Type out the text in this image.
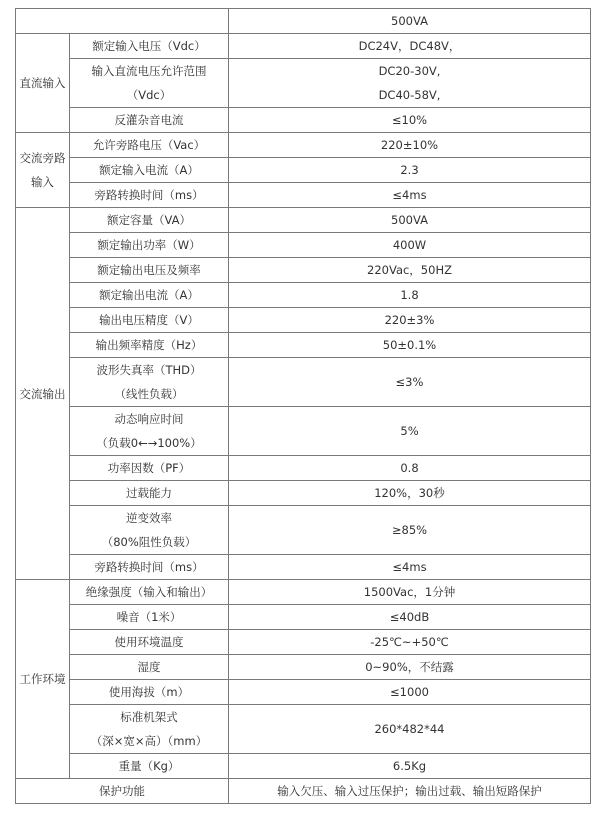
		500VA

直流输入	额定输入电压（Vdc）	DC24V，DC48V，

	输入直流电压允许范围
（Vdc）	DC20-30V,
DC40-58V,

	反灌杂音电流	≤10%

交流旁路
输入	允许旁路电压（Vac）	220±10%

	额定输入电流（A）	2.3

	旁路转换时间（ms）	≤4ms

交流输出	额定容量（VA）	500VA

	额定输出功率（W）	400W

	额定输出电压及频率	220Vac，50HZ

	额定输出电流（A）	1.8

	输出电压精度（V）	220±3%

	输出频率精度（Hz）	50±0.1%

	波形失真率（THD）
（线性负载）	≤3%

	动态响应时间
（负载0←→100%）	5%

	功率因数（PF）	0.8

	过载能力	120%，30秒

	逆变效率
（80%阻性负载）	≥85%

	旁路转换时间（ms）	≤4ms

工作环境	绝缘强度（输入和输出）	1500Vac，1分钟

	噪音（1米）	≤40dB

	使用环境温度	-25℃~+50℃

	湿度	0~90%，不结露

	使用海拔（m）	≤1000

	标准机架式
（深×宽×高）（mm）	260*482*44

	重量（Kg）	6.5Kg

保护功能		输入欠压、输入过压保护；输出过载、输出短路保护
